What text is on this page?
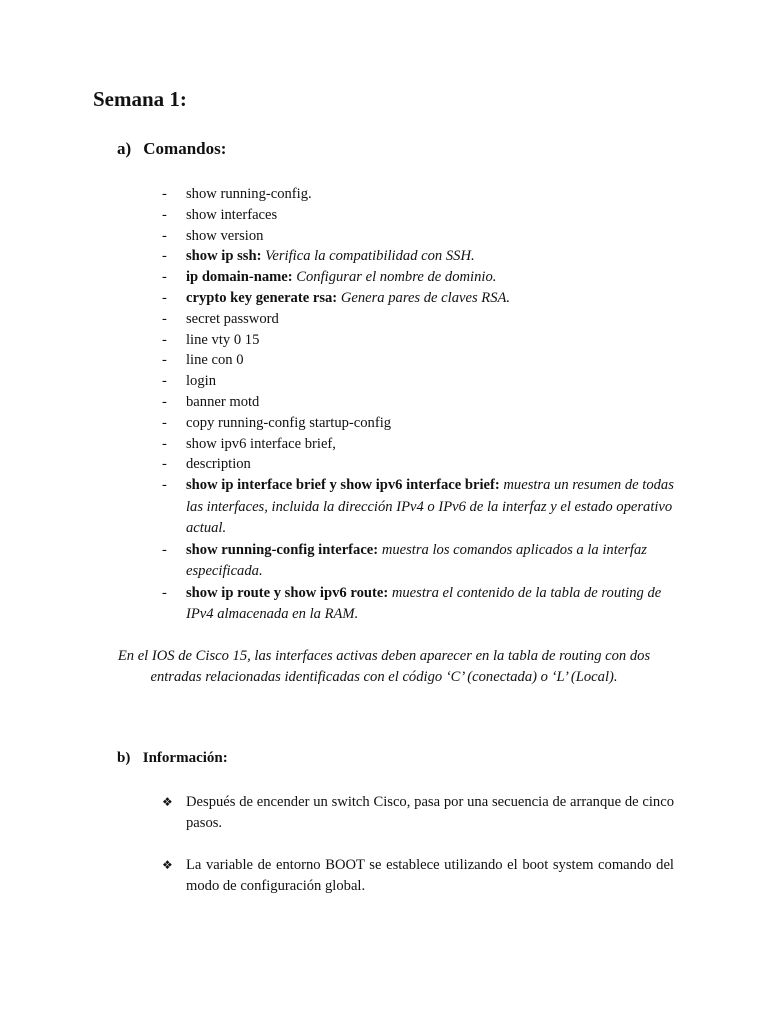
Semana 1:
a) Comandos:
- show running-config.
- show interfaces
- show version
- show ip ssh: Verifica la compatibilidad con SSH.
- ip domain-name: Configurar el nombre de dominio.
- crypto key generate rsa: Genera pares de claves RSA.
- secret password
- line vty 0 15
- line con 0
- login
- banner motd
- copy running-config startup-config
- show ipv6 interface brief,
- description
- show ip interface brief y show ipv6 interface brief: muestra un resumen de todas las interfaces, incluida la dirección IPv4 o IPv6 de la interfaz y el estado operativo actual.
- show running-config interface: muestra los comandos aplicados a la interfaz especificada.
- show ip route y show ipv6 route: muestra el contenido de la tabla de routing de IPv4 almacenada en la RAM.

En el IOS de Cisco 15, las interfaces activas deben aparecer en la tabla de routing con dos entradas relacionadas identificadas con el código ‘C’ (conectada) o ‘L’ (Local).

b) Información:
❖ Después de encender un switch Cisco, pasa por una secuencia de arranque de cinco pasos.
❖ La variable de entorno BOOT se establece utilizando el boot system comando del modo de configuración global.
